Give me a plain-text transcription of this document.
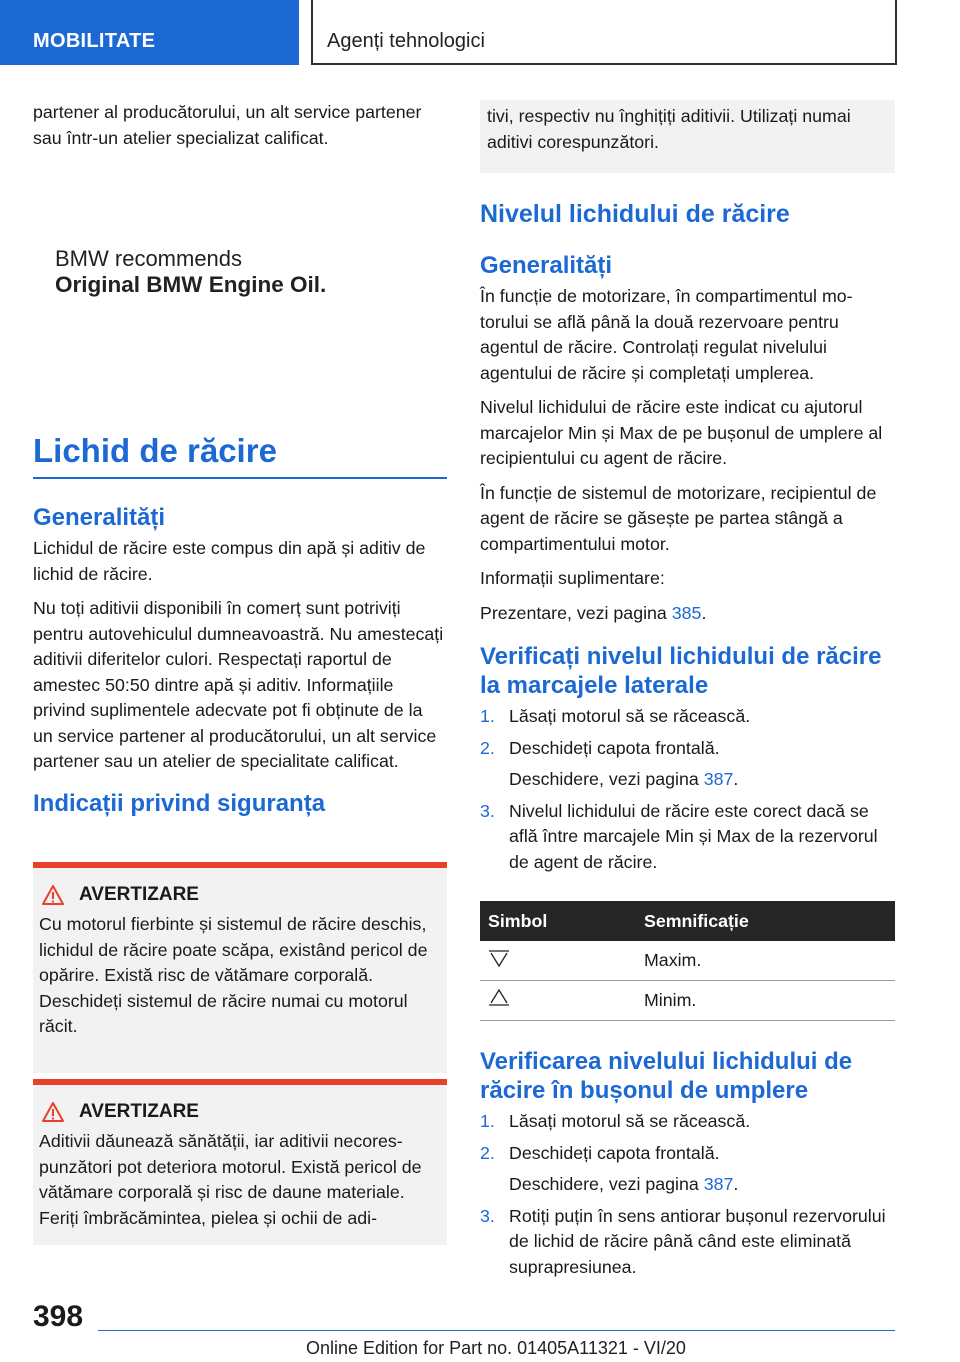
MOBILITATE	Agenți tehnologici

partener al producătorului, un alt service partener sau într-un atelier specializat calificat.

BMW recommends
Original BMW Engine Oil.
Lichid de răcire
Generalități

Lichidul de răcire este compus din apă și aditiv de lichid de răcire.

Nu toți aditivii disponibili în comerț sunt potriviți pentru autovehiculul dumneavoastră. Nu amestecați aditivii diferitelor culori. Respectați raportul de amestec 50:50 dintre apă și aditiv. Informațiile privind suplimentele adecvate pot fi obținute de la un service partener al producătorului, un alt service partener sau un atelier de specialitate calificat.

Indicații privind siguranța
AVERTIZARE

Cu motorul fierbinte și sistemul de răcire deschis, lichidul de răcire poate scăpa, existând pericol de opărire. Există risc de vătămare corporală. Deschideți sistemul de răcire numai cu motorul răcit.

AVERTIZARE

Aditivii dăunează sănătății, iar aditivii necorespunzători pot deteriora motorul. Există pericol de vătămare corporală și risc de daune materiale. Feriți îmbrăcămintea, pielea și ochii de adi-

tivi, respectiv nu înghițiți aditivii. Utilizați numai aditivi corespunzători.

Nivelul lichidului de răcire
Generalități

În funcție de motorizare, în compartimentul motorului se află până la două rezervoare pentru agentul de răcire. Controlați regulat nivelului agentului de răcire și completați umplerea.

Nivelul lichidului de răcire este indicat cu ajutorul marcajelor Min și Max de pe bușonul de umplere al recipientului cu agent de răcire.

În funcție de sistemul de motorizare, recipientul de agent de răcire se găsește pe partea stângă a compartimentului motor.

Informații suplimentare:

Prezentare, vezi pagina 385.

Verificați nivelul lichidului de răcire la marcajele laterale
1. Lăsați motorul să se răcească.
2. Deschideți capota frontală.
Deschidere, vezi pagina 387.
3. Nivelul lichidului de răcire este corect dacă se află între marcajele Min și Max de la rezervorul de agent de răcire.
Simbol	Semnificație
	Maxim.
	Minim.
Verificarea nivelului lichidului de răcire în bușonul de umplere
1. Lăsați motorul să se răcească.
2. Deschideți capota frontală.
Deschidere, vezi pagina 387.
3. Rotiți puțin în sens antiorar bușonul rezervorului de lichid de răcire până când este eliminată suprapresiunea.
398
Online Edition for Part no. 01405A11321 - VI/20
